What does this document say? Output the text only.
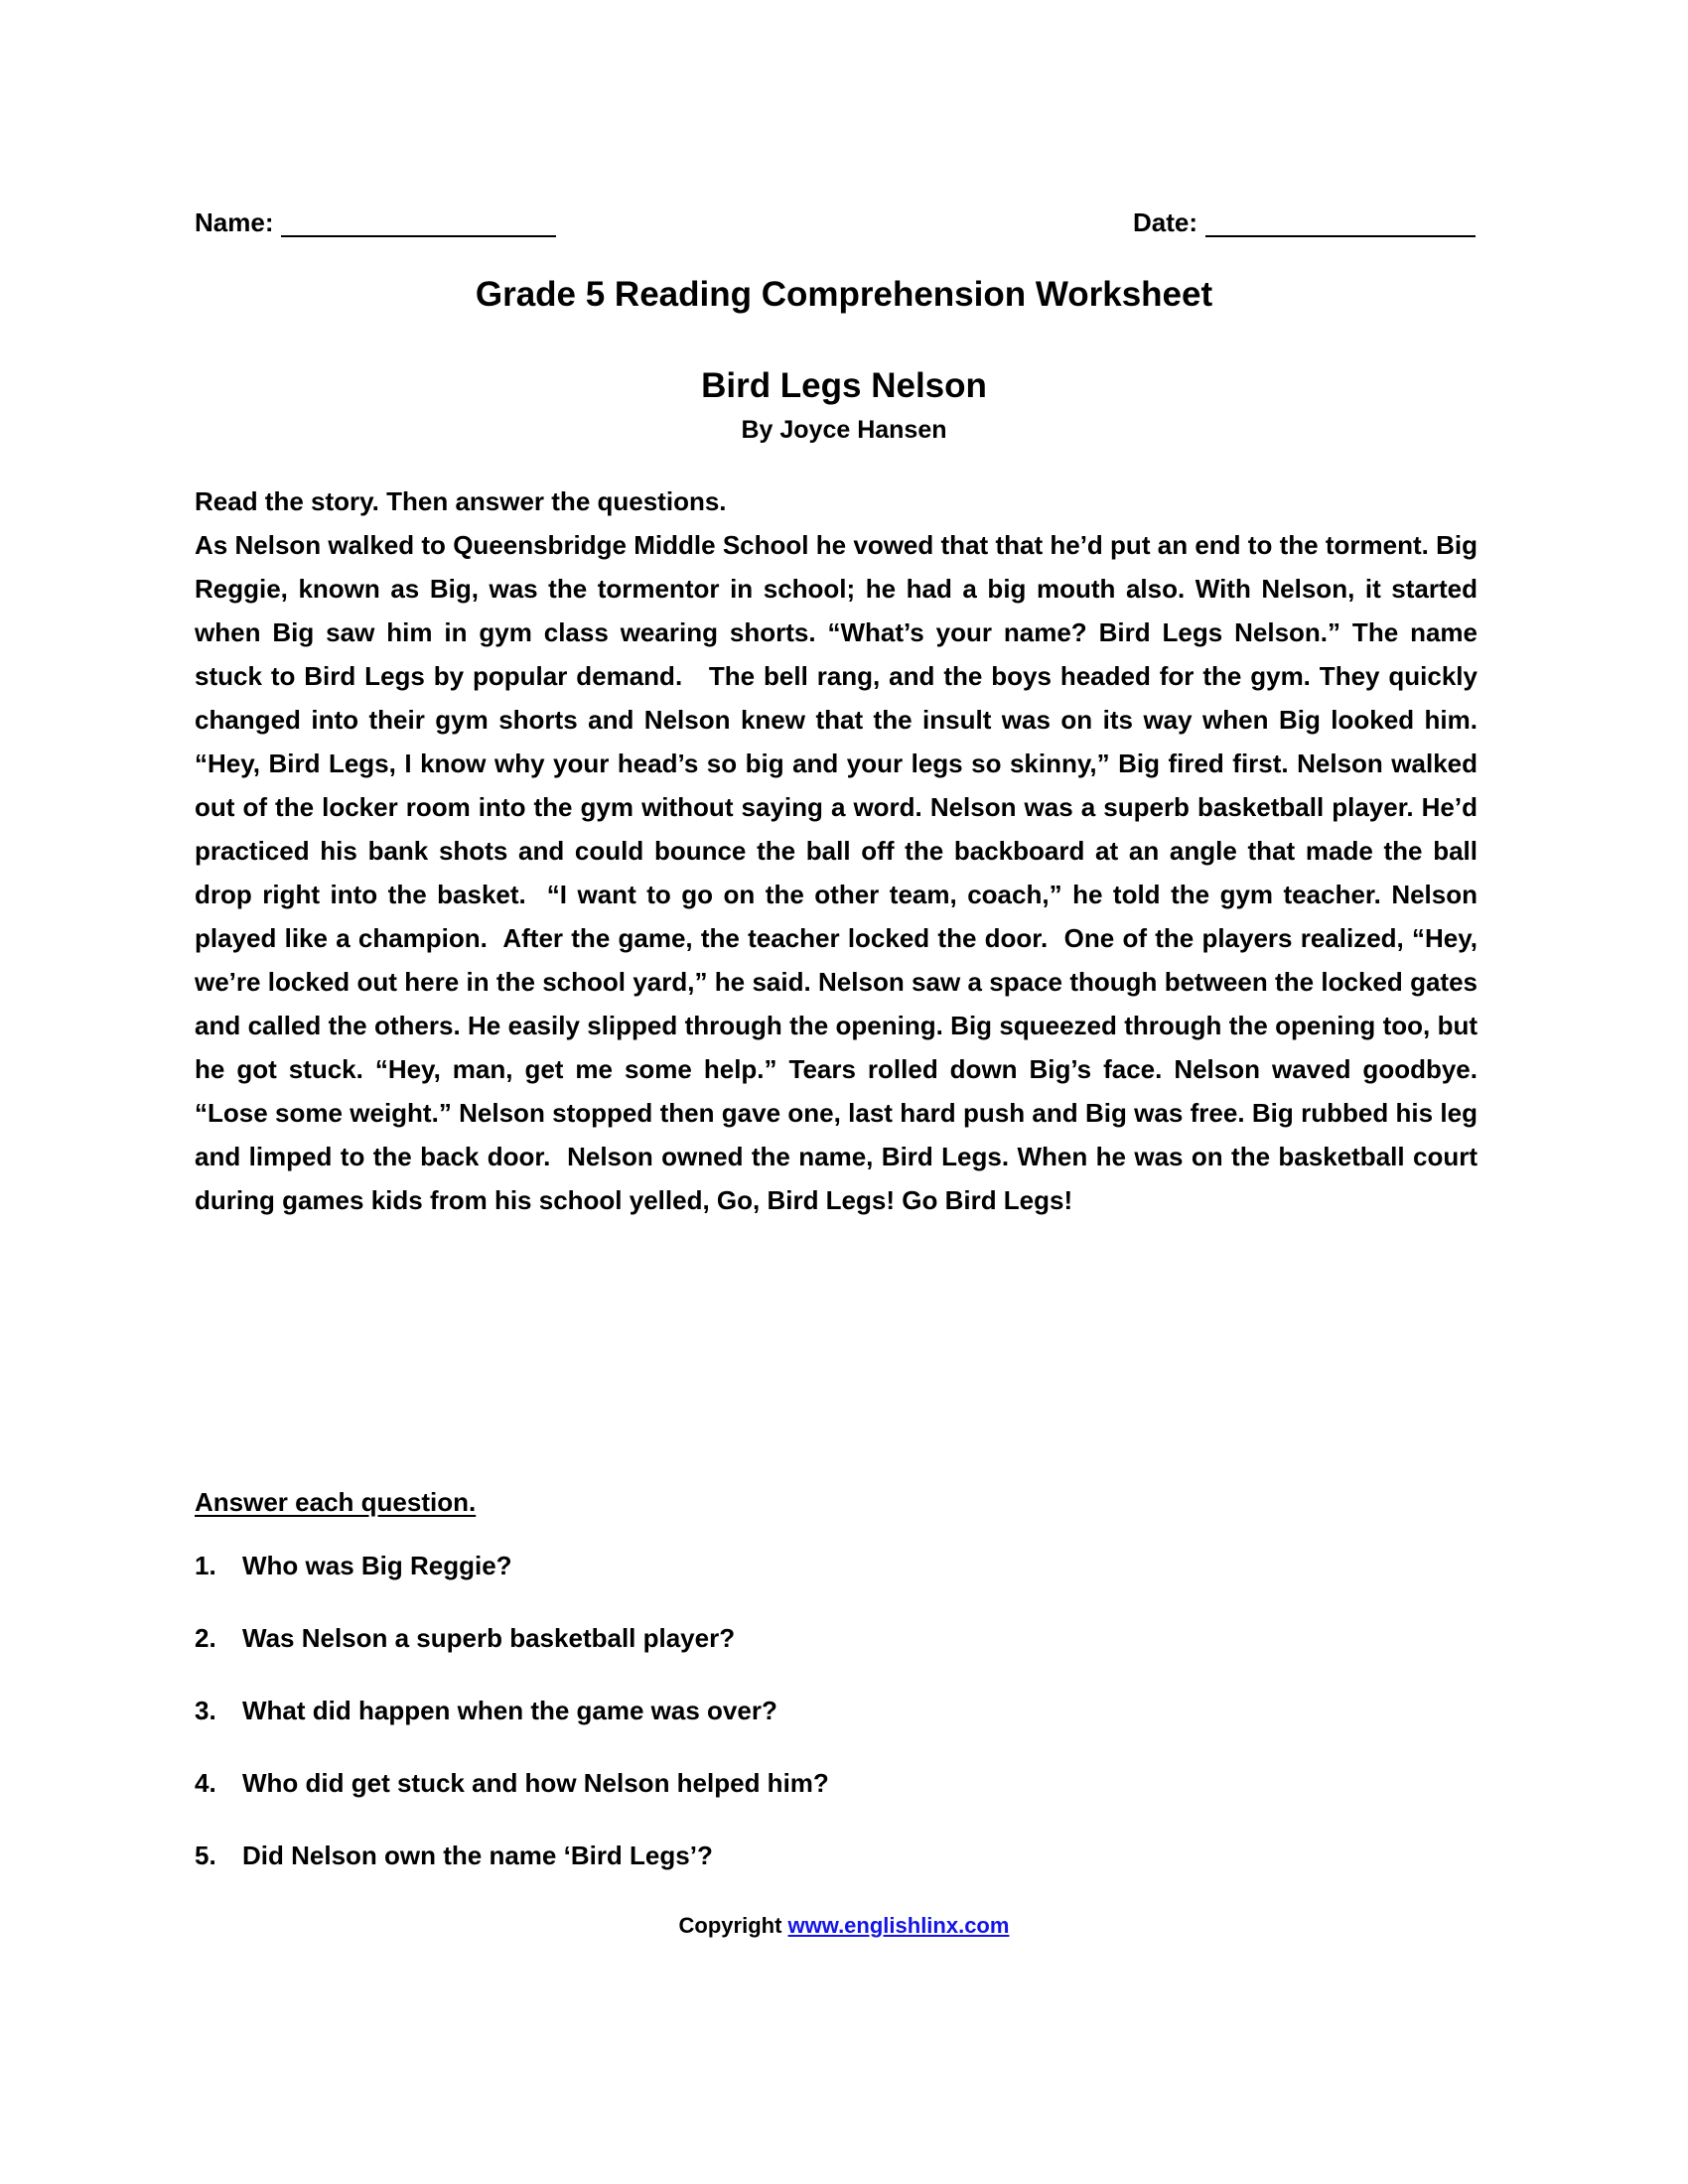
Name:	Date:
Grade 5 Reading Comprehension Worksheet
Bird Legs Nelson
By Joyce Hansen
Read the story. Then answer the questions.
As Nelson walked to Queensbridge Middle School he vowed that that he’d put an end to the torment. Big Reggie, known as Big, was the tormentor in school; he had a big mouth also. With Nelson, it started when Big saw him in gym class wearing shorts. “What’s your name? Bird Legs Nelson.” The name stuck to Bird Legs by popular demand.   The bell rang, and the boys headed for the gym. They quickly changed into their gym shorts and Nelson knew that the insult was on its way when Big looked him. “Hey, Bird Legs, I know why your head’s so big and your legs so skinny,” Big fired first. Nelson walked out of the locker room into the gym without saying a word. Nelson was a superb basketball player. He’d practiced his bank shots and could bounce the ball off the backboard at an angle that made the ball drop right into the basket.  “I want to go on the other team, coach,” he told the gym teacher. Nelson played like a champion.  After the game, the teacher locked the door.  One of the players realized, “Hey, we’re locked out here in the school yard,” he said. Nelson saw a space though between the locked gates and called the others. He easily slipped through the opening. Big squeezed through the opening too, but he got stuck. “Hey, man, get me some help.” Tears rolled down Big’s face. Nelson waved goodbye. “Lose some weight.” Nelson stopped then gave one, last hard push and Big was free. Big rubbed his leg and limped to the back door.  Nelson owned the name, Bird Legs. When he was on the basketball court during games kids from his school yelled, Go, Bird Legs! Go Bird Legs!
Answer each question.
1.	Who was Big Reggie?
2.	Was Nelson a superb basketball player?
3.	What did happen when the game was over?
4.	Who did get stuck and how Nelson helped him?
5.	Did Nelson own the name ‘Bird Legs’?
Copyright www.englishlinx.com
